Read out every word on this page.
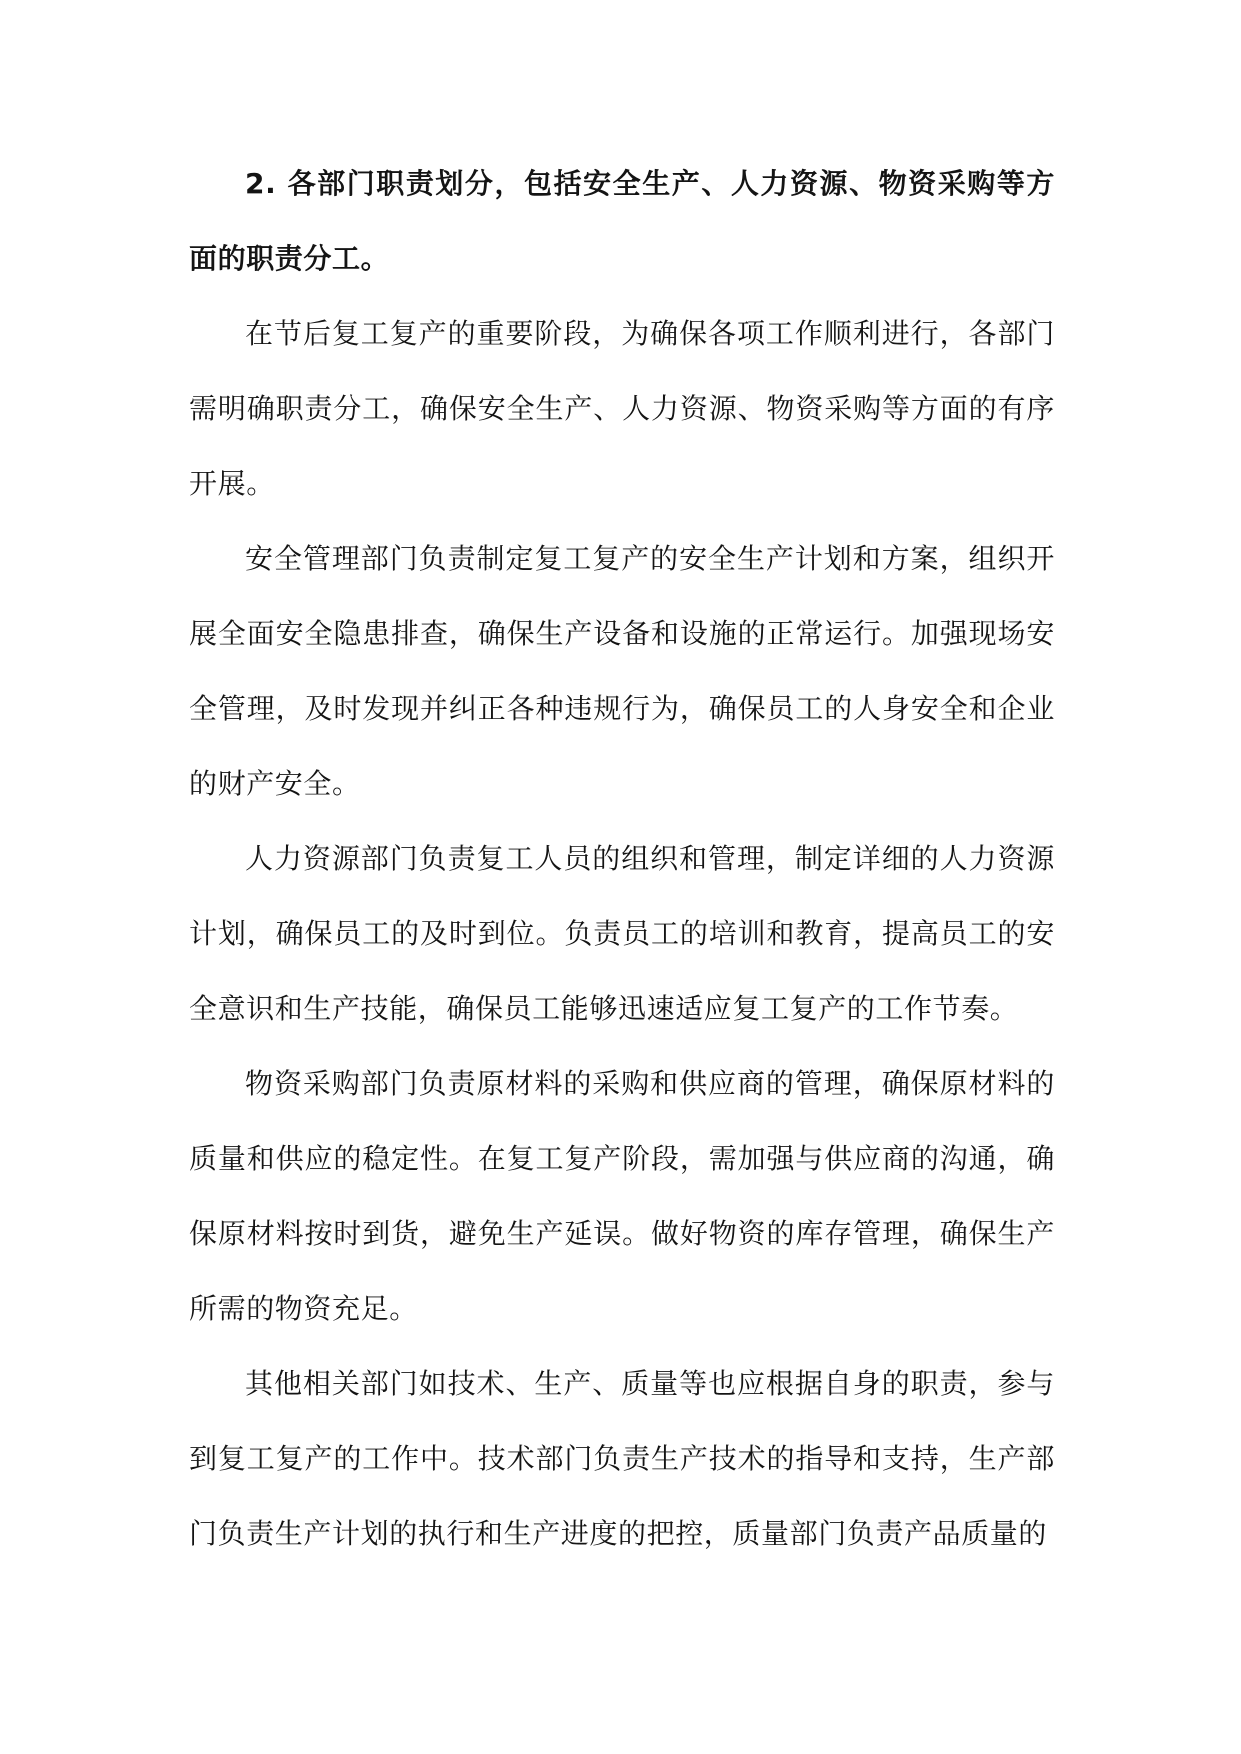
2. 各部门职责划分，包括安全生产、人力资源、物资采购等方面的职责分工。

在节后复工复产的重要阶段，为确保各项工作顺利进行，各部门需明确职责分工，确保安全生产、人力资源、物资采购等方面的有序开展。

安全管理部门负责制定复工复产的安全生产计划和方案，组织开展全面安全隐患排查，确保生产设备和设施的正常运行。加强现场安全管理，及时发现并纠正各种违规行为，确保员工的人身安全和企业的财产安全。

人力资源部门负责复工人员的组织和管理，制定详细的人力资源计划，确保员工的及时到位。负责员工的培训和教育，提高员工的安全意识和生产技能，确保员工能够迅速适应复工复产的工作节奏。

物资采购部门负责原材料的采购和供应商的管理，确保原材料的质量和供应的稳定性。在复工复产阶段，需加强与供应商的沟通，确保原材料按时到货，避免生产延误。做好物资的库存管理，确保生产所需的物资充足。

其他相关部门如技术、生产、质量等也应根据自身的职责，参与到复工复产的工作中。技术部门负责生产技术的指导和支持，生产部门负责生产计划的执行和生产进度的把控，质量部门负责产品质量的
